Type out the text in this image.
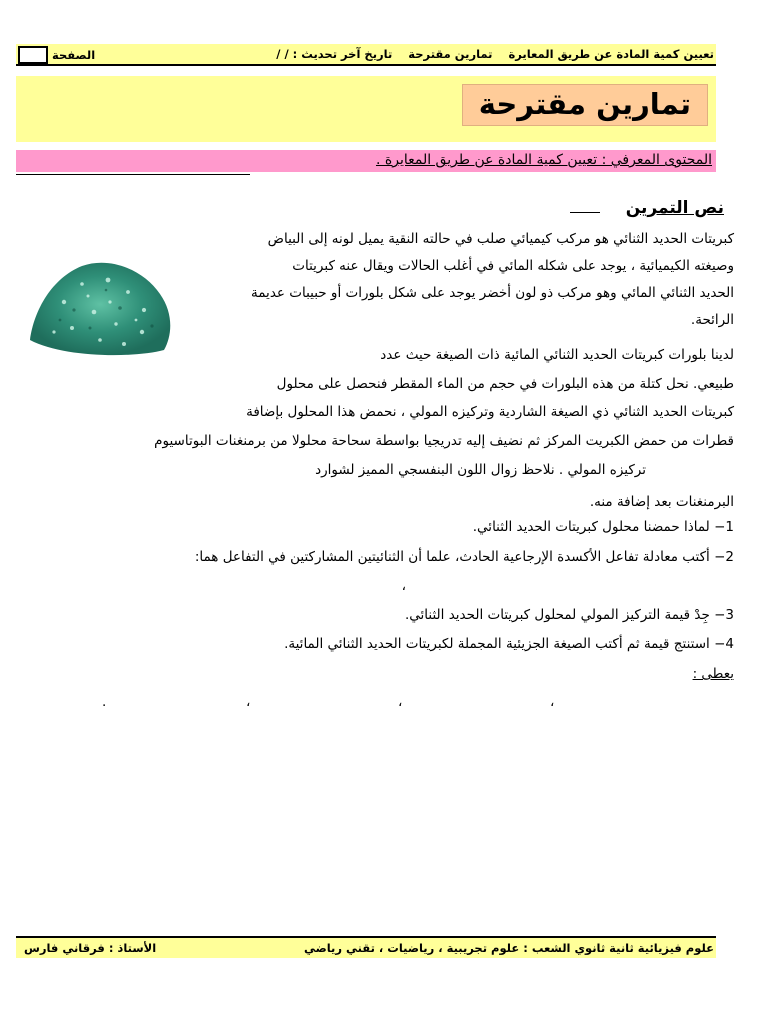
تعيين كمية المادة عن طريق المعايرة تمارين مقترحة تاريخ آخر تحديث : / /
الصفحة
تمارين مقترحة
المحتوى المعرفي : تعيين كمية المادة عن طريق المعايرة .
نص التمرين
كبريتات الحديد الثنائي هو مركب كيميائي صلب في حالته النقية يميل لونه إلى البياض
وصيغته الكيميائية ، يوجد على شكله المائي في أغلب الحالات ويقال عنه كبريتات
الحديد الثنائي المائي وهو مركب ذو لون أخضر يوجد على شكل بلورات أو حبيبات عديمة
الرائحة.
لدينا بلورات كبريتات الحديد الثنائي المائية ذات الصيغة حيث عدد
طبيعي. نحل كتلة من هذه البلورات في حجم من الماء المقطر فنحصل على محلول
كبريتات الحديد الثنائي ذي الصيغة الشاردية وتركيزه المولي ، نحمض هذا المحلول بإضافة
قطرات من حمض الكبريت المركز ثم نضيف إليه تدريجيا بواسطة سحاحة محلولا من برمنغنات البوتاسيوم
تركيزه المولي . نلاحظ زوال اللون البنفسجي المميز لشوارد
البرمنغنات بعد إضافة منه.
1− لماذا حمضنا محلول كبريتات الحديد الثنائي.
2− أكتب معادلة تفاعل الأكسدة الإرجاعية الحادث، علما أن الثنائيتين المشاركتين في التفاعل هما:
،
3− جِدْ قيمة التركيز المولي لمحلول كبريتات الحديد الثنائي.
4− استنتج قيمة ثم أكتب الصيغة الجزيئية المجملة لكبريتات الحديد الثنائي المائية.
يعطى :
،
،
،
.
علوم فيزيائية ثانية ثانوي الشعب : علوم تجريبية ، رياضيات ، تقني رياضي
الأستاذ : فرقاني فارس
